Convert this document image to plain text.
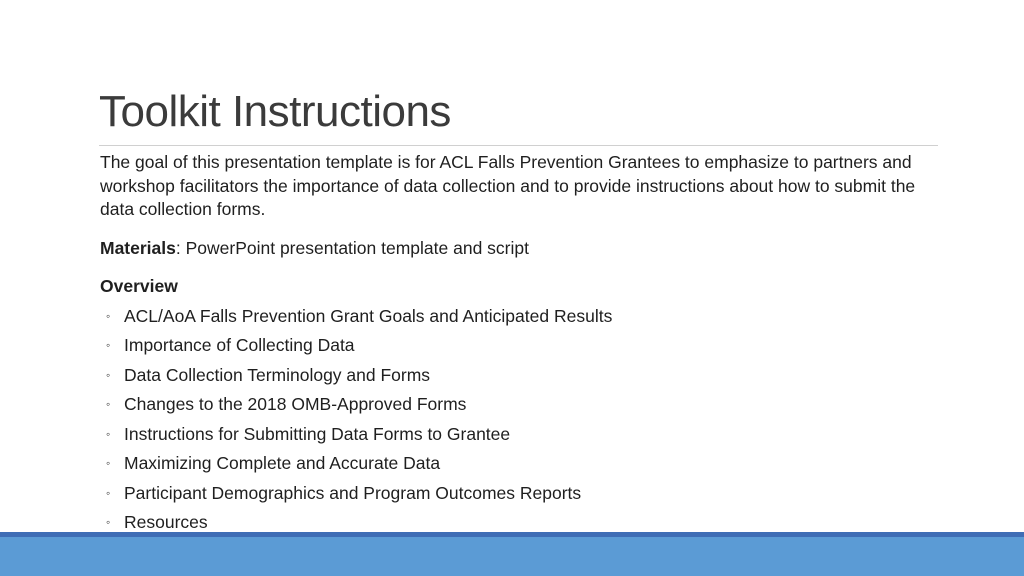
Toolkit Instructions

The goal of this presentation template is for ACL Falls Prevention Grantees to emphasize to partners and workshop facilitators the importance of data collection and to provide instructions about how to submit the data collection forms.

Materials: PowerPoint presentation template and script

Overview

◦ ACL/AoA Falls Prevention Grant Goals and Anticipated Results
◦ Importance of Collecting Data
◦ Data Collection Terminology and Forms
◦ Changes to the 2018 OMB-Approved Forms
◦ Instructions for Submitting Data Forms to Grantee
◦ Maximizing Complete and Accurate Data
◦ Participant Demographics and Program Outcomes Reports
◦ Resources
